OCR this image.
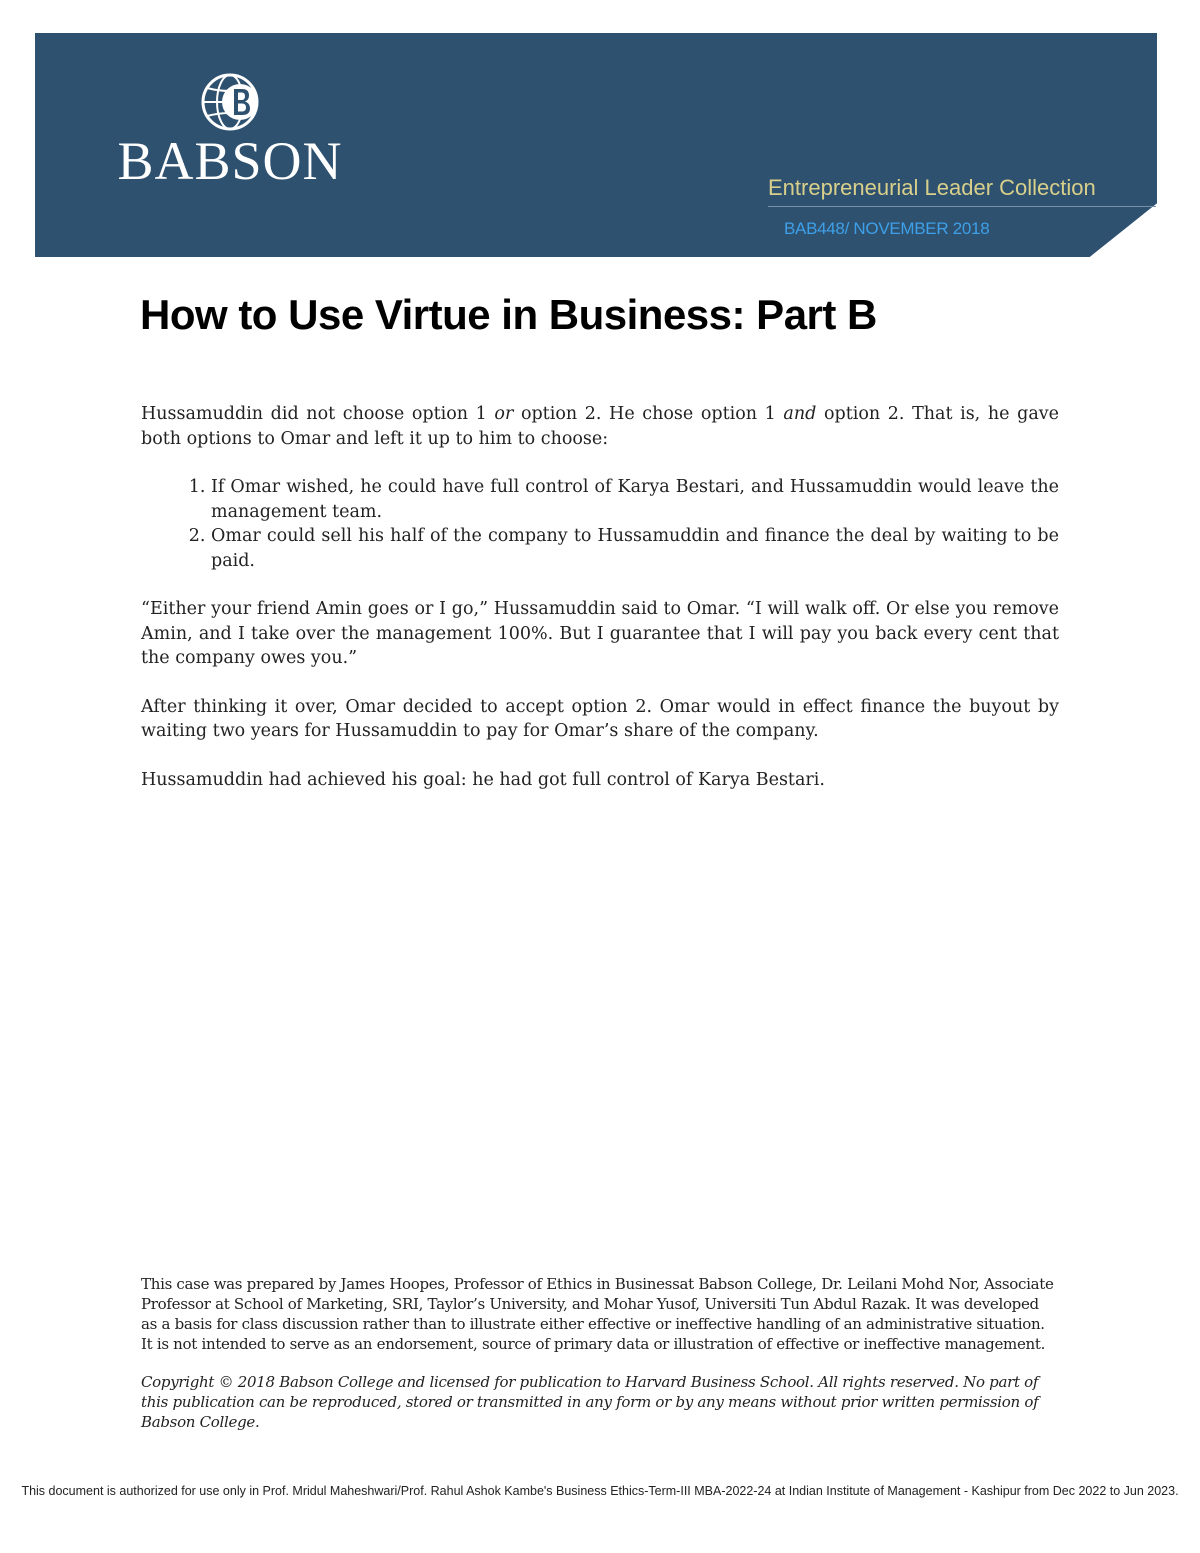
BABSON	Entrepreneurial Leader Collection
BAB448/ NOVEMBER 2018
How to Use Virtue in Business: Part B

Hussamuddin did not choose option 1 or option 2. He chose option 1 and option 2. That is, he gave both options to Omar and left it up to him to choose:

1. If Omar wished, he could have full control of Karya Bestari, and Hussamuddin would leave the management team.
2. Omar could sell his half of the company to Hussamuddin and finance the deal by waiting to be paid.

“Either your friend Amin goes or I go,” Hussamuddin said to Omar. “I will walk off. Or else you remove Amin, and I take over the management 100%. But I guarantee that I will pay you back every cent that the company owes you.”

After thinking it over, Omar decided to accept option 2. Omar would in effect finance the buyout by waiting two years for Hussamuddin to pay for Omar’s share of the company.

Hussamuddin had achieved his goal: he had got full control of Karya Bestari.

This case was prepared by James Hoopes, Professor of Ethics in Businessat Babson College, Dr. Leilani Mohd Nor, Associate Professor at School of Marketing, SRI, Taylor’s University, and Mohar Yusof, Universiti Tun Abdul Razak. It was developed as a basis for class discussion rather than to illustrate either effective or ineffective handling of an administrative situation. It is not intended to serve as an endorsement, source of primary data or illustration of effective or ineffective management.

Copyright © 2018 Babson College and licensed for publication to Harvard Business School. All rights reserved. No part of this publication can be reproduced, stored or transmitted in any form or by any means without prior written permission of Babson College.

This document is authorized for use only in Prof. Mridul Maheshwari/Prof. Rahul Ashok Kambe's Business Ethics-Term-III MBA-2022-24 at Indian Institute of Management - Kashipur from Dec 2022 to Jun 2023.
